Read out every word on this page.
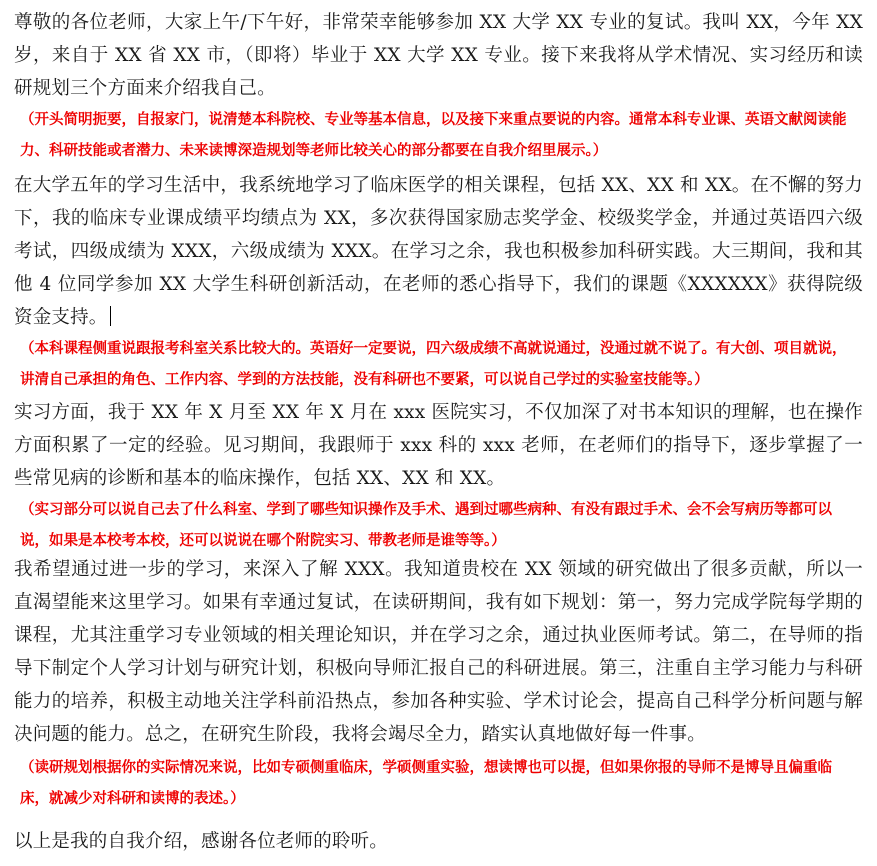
尊敬的各位老师，大家上午/下午好，非常荣幸能够参加 XX 大学 XX 专业的复试。我叫 XX，今年 XX 岁，来自于 XX 省 XX 市，（即将）毕业于 XX 大学 XX 专业。接下来我将从学术情况、实习经历和读研规划三个方面来介绍我自己。

（开头简明扼要，自报家门，说清楚本科院校、专业等基本信息，以及接下来重点要说的内容。通常本科专业课、英语文献阅读能力、科研技能或者潜力、未来读博深造规划等老师比较关心的部分都要在自我介绍里展示。）

在大学五年的学习生活中，我系统地学习了临床医学的相关课程，包括 XX、XX 和 XX。在不懈的努力下，我的临床专业课成绩平均绩点为 XX，多次获得国家励志奖学金、校级奖学金，并通过英语四六级考试，四级成绩为 XXX，六级成绩为 XXX。在学习之余，我也积极参加科研实践。大三期间，我和其他 4 位同学参加 XX 大学生科研创新活动，在老师的悉心指导下，我们的课题《XXXXXX》获得院级资金支持。

（本科课程侧重说跟报考科室关系比较大的。英语好一定要说，四六级成绩不高就说通过，没通过就不说了。有大创、项目就说，讲清自己承担的角色、工作内容、学到的方法技能，没有科研也不要紧，可以说自己学过的实验室技能等。）

实习方面，我于 XX 年 X 月至 XX 年 X 月在 xxx 医院实习，不仅加深了对书本知识的理解，也在操作方面积累了一定的经验。见习期间，我跟师于 xxx 科的 xxx 老师，在老师们的指导下，逐步掌握了一些常见病的诊断和基本的临床操作，包括 XX、XX 和 XX。

（实习部分可以说自己去了什么科室、学到了哪些知识操作及手术、遇到过哪些病种、有没有跟过手术、会不会写病历等都可以说，如果是本校考本校，还可以说说在哪个附院实习、带教老师是谁等等。）

我希望通过进一步的学习，来深入了解 XXX。我知道贵校在 XX 领域的研究做出了很多贡献，所以一直渴望能来这里学习。如果有幸通过复试，在读研期间，我有如下规划：第一，努力完成学院每学期的课程，尤其注重学习专业领域的相关理论知识，并在学习之余，通过执业医师考试。第二，在导师的指导下制定个人学习计划与研究计划，积极向导师汇报自己的科研进展。第三，注重自主学习能力与科研能力的培养，积极主动地关注学科前沿热点，参加各种实验、学术讨论会，提高自己科学分析问题与解决问题的能力。总之，在研究生阶段，我将会竭尽全力，踏实认真地做好每一件事。

（读研规划根据你的实际情况来说，比如专硕侧重临床，学硕侧重实验，想读博也可以提，但如果你报的导师不是博导且偏重临床，就减少对科研和读博的表述。）

以上是我的自我介绍，感谢各位老师的聆听。
